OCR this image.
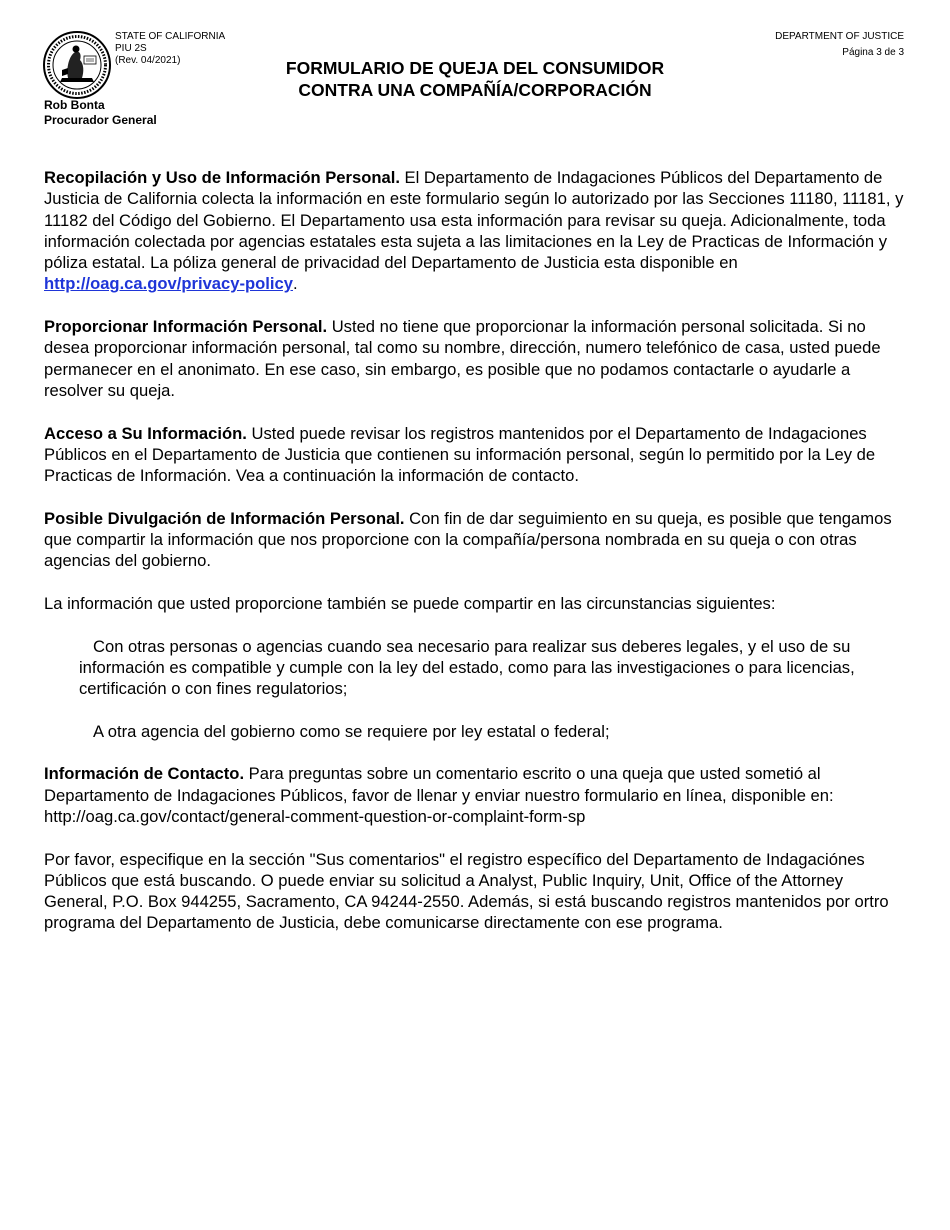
STATE OF CALIFORNIA
PIU 2S
(Rev. 04/2021)
Rob Bonta
Procurador General
DEPARTMENT OF JUSTICE
Página 3 de 3
FORMULARIO DE QUEJA DEL CONSUMIDOR
CONTRA UNA COMPAÑÍA/CORPORACIÓN

Recopilación y Uso de Información Personal. El Departamento de Indagaciones Públicos del Departamento de Justicia de California colecta la información en este formulario según lo autorizado por las Secciones 11180, 11181, y 11182 del Código del Gobierno. El Departamento usa esta información para revisar su queja. Adicionalmente, toda información colectada por agencias estatales esta sujeta a las limitaciones en la Ley de Practicas de Información y póliza estatal. La póliza general de privacidad del Departamento de Justicia esta disponible en http://oag.ca.gov/privacy-policy.

Proporcionar Información Personal. Usted no tiene que proporcionar la información personal solicitada. Si no desea proporcionar información personal, tal como su nombre, dirección, numero telefónico de casa, usted puede permanecer en el anonimato. En ese caso, sin embargo, es posible que no podamos contactarle o ayudarle a resolver su queja.

Acceso a Su Información. Usted puede revisar los registros mantenidos por el Departamento de Indagaciones Públicos en el Departamento de Justicia que contienen su información personal, según lo permitido por la Ley de Practicas de Información. Vea a continuación la información de contacto.

Posible Divulgación de Información Personal. Con fin de dar seguimiento en su queja, es posible que tengamos que compartir la información que nos proporcione con la compañía/persona nombrada en su queja o con otras agencias del gobierno.

La información que usted proporcione también se puede compartir en las circunstancias siguientes:

Con otras personas o agencias cuando sea necesario para realizar sus deberes legales, y el uso de su información es compatible y cumple con la ley del estado, como para las investigaciones o para licencias, certificación o con fines regulatorios;

A otra agencia del gobierno como se requiere por ley estatal o federal;

Información de Contacto. Para preguntas sobre un comentario escrito o una queja que usted sometió al Departamento de Indagaciones Públicos, favor de llenar y enviar nuestro formulario en línea, disponible en: http://oag.ca.gov/contact/general-comment-question-or-complaint-form-sp

Por favor, especifique en la sección "Sus comentarios" el registro específico del Departamento de Indagaciónes Públicos que está buscando. O puede enviar su solicitud a Analyst, Public Inquiry, Unit, Office of the Attorney General, P.O. Box 944255, Sacramento, CA 94244-2550. Además, si está buscando registros mantenidos por ortro programa del Departamento de Justicia, debe comunicarse directamente con ese programa.
